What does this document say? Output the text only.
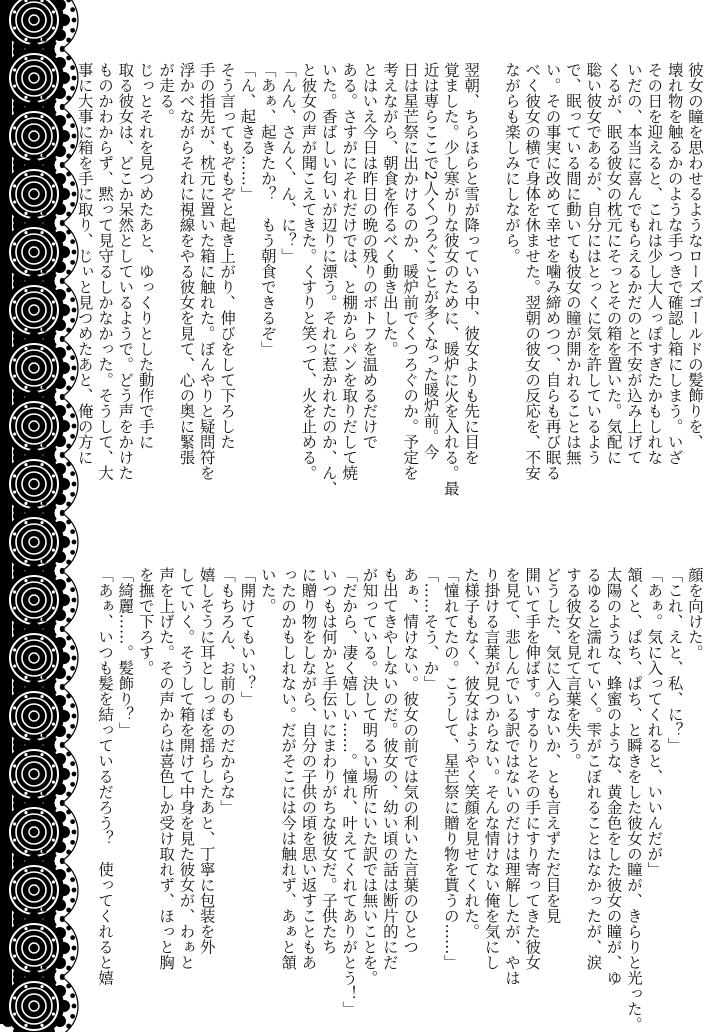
彼女の瞳を思わせるようなローズゴールドの髪飾りを、
壊れ物を触るかのような手つきで確認し箱にしまう。いざ
その日を迎えると、これは少し大人っぽすぎたかもしれな
いだの、本当に喜んでもらえるかだのと不安が込み上げて
くるが、眠る彼女の枕元にそっとその箱を置いた。気配に
聡い彼女であるが、自分にはとっくに気を許しているよう
で、眠っている間に動いても彼女の瞳が開かれることは無
い。その事実に改めて幸せを噛み締めつつ、自らも再び眠る
べく彼女の横で身体を休ませた。翌朝の彼女の反応を、不安
ながらも楽しみにしながら。

翌朝、ちらほらと雪が降っている中、彼女よりも先に目を
覚ました。少し寒がりな彼女のために、暖炉に火を入れる。最
近は専らここで2人くつろぐことが多くなった暖炉前。今
日は星芒祭に出かけるのか、暖炉前でくつろぐのか。予定を
考えながら、朝食を作るべく動き出した。
とはいえ今日は昨日の晩の残りのボトフを温めるだけで
ある。さすがにそれだけでは、と棚からパンを取りだして焼
いた。香ばしい匂いが辺りに漂う。それに惹かれたのか、ん、
と彼女の声が聞こえてきた。くすりと笑って、火を止める。
「んん、さんく、ん、に？」
「あぁ、起きたか？　もう朝食できるぞ」
「ん、起きる……」
そう言ってもぞもぞと起き上がり、伸びをして下ろした
手の指先が、枕元に置いた箱に触れた。ぼんやりと疑問符を
浮かべながらそれに視線をやる彼女を見て、心の奥に緊張
が走る。
じっとそれを見つめたあと、ゆっくりとした動作で手に
取る彼女は、どこか呆然としているようで。どう声をかけた
ものかわからず、黙って見守るしかなかった。そうして、大
事に大事に箱を手に取り、じぃと見つめたあと、俺の方に
顔を向けた。
「これ、えと、私、に？」
「あぁ。気に入ってくれると、いいんだが」
頷くと、ぱち、ぱち、と瞬きをした彼女の瞳が、きらりと光った。
太陽のような、蜂蜜のような、黄金色をした彼女の瞳が、ゆ
るゆると濡れていく。雫がこぼれることはなかったが、涙
する彼女を見て言葉を失う。
どうした、気に入らないか、とも言えずただ目を見
開いて手を伸ばす。するりとその手にすり寄ってきた彼女
を見て、悲しんでいる訳ではないのだけは理解したが、やは
り掛ける言葉が見つからない。そんな情けない俺を気にし
た様子もなく、彼女はようやく笑顔を見せてくれた。
「憧れてたの。こうして、星芒祭に贈り物を貰うの……」
「……そう、か」
あぁ、情けない。彼女の前では気の利いた言葉のひとつ
も出てきやしないのだ。彼女の、幼い頃の話は断片的にだ
が知っている。決して明るい場所にいた訳では無いことを。
「だから、凄く嬉しい……。憧れ、叶えてくれてありがとう！」
いつもは何かと手伝いにまわりがちな彼女だ。子供たち
に贈り物をしながら、自分の子供の頃を思い返すこともあ
ったのかもしれない。だがそこには今は触れず、あぁと頷
いた。
「開けてもいい？」
「もちろん、お前のものだからな」
嬉しそうに耳としっぽを揺らしたあと、丁寧に包装を外
していく。そうして箱を開けて中身を見た彼女が、わぁと
声を上げた。その声からは喜色しか受け取れず、ほっと胸
を撫で下ろす。
「綺麗……。髪飾り？」
「あぁ、いつも髪を結っているだろう？　使ってくれると嬉
